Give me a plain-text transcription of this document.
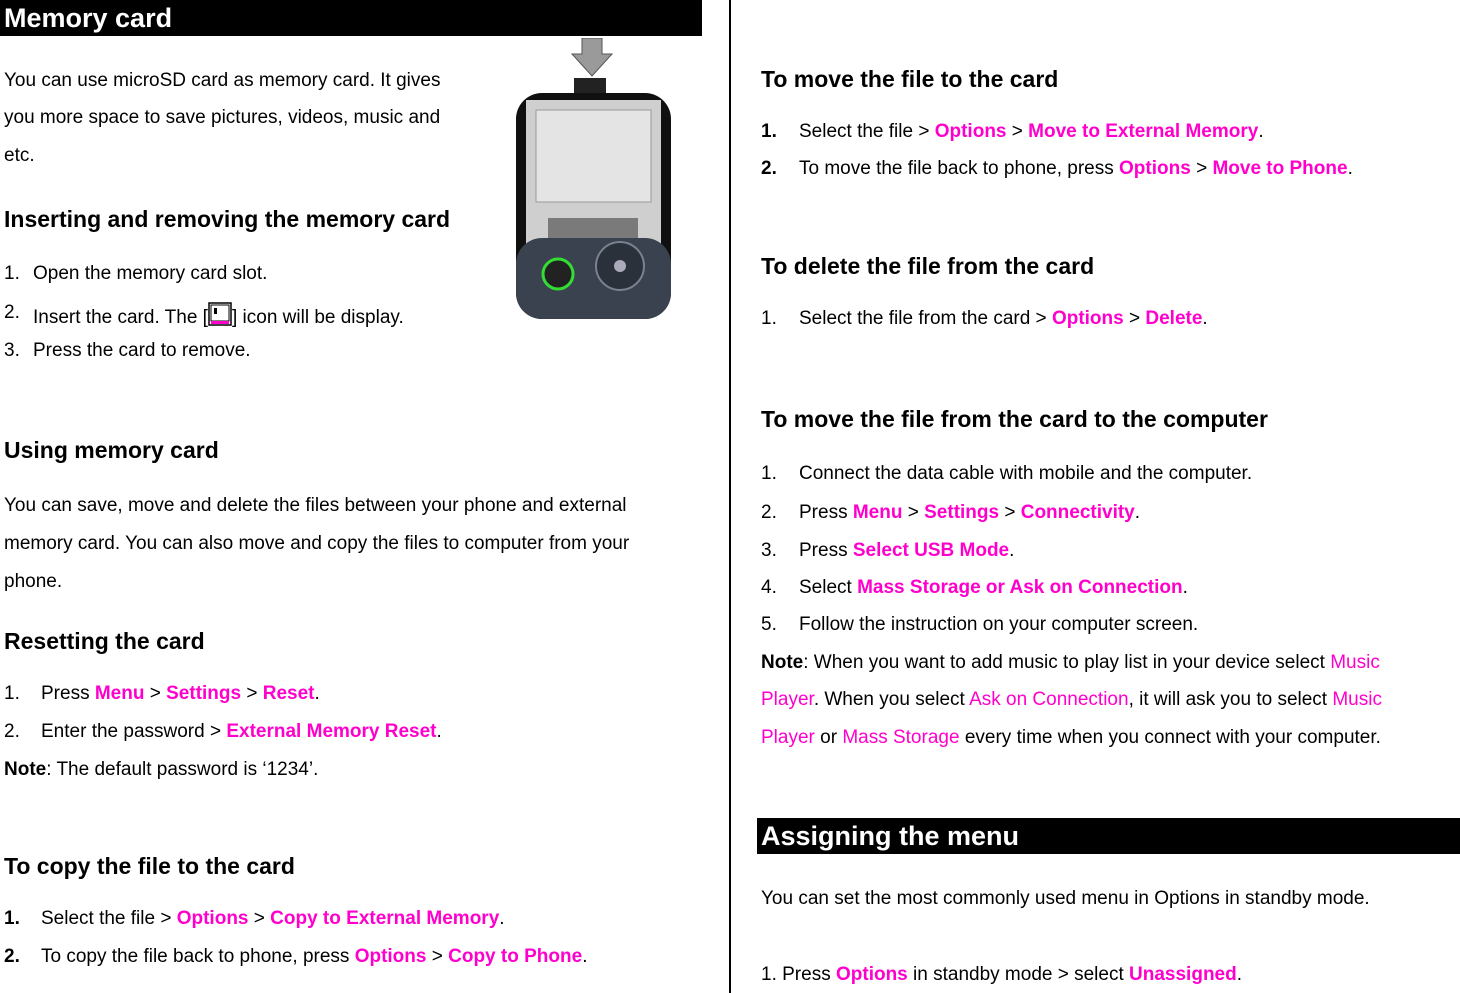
Memory card
You can use microSD card as memory card. It gives
you more space to save pictures, videos, music and
etc.
Inserting and removing the memory card
1. Open the memory card slot.
2. Insert the card. The [ ] icon will be display.
3. Press the card to remove.
Using memory card
You can save, move and delete the files between your phone and external
memory card. You can also move and copy the files to computer from your
phone.
Resetting the card
1. Press Menu > Settings > Reset.
2. Enter the password > External Memory Reset.
Note: The default password is ‘1234’.
To copy the file to the card
1. Select the file > Options > Copy to External Memory.
2. To copy the file back to phone, press Options > Copy to Phone.
To move the file to the card
1. Select the file > Options > Move to External Memory.
2. To move the file back to phone, press Options > Move to Phone.
To delete the file from the card
1. Select the file from the card > Options > Delete.
To move the file from the card to the computer
1. Connect the data cable with mobile and the computer.
2. Press Menu > Settings > Connectivity.
3. Press Select USB Mode.
4. Select Mass Storage or Ask on Connection.
5. Follow the instruction on your computer screen.
Note: When you want to add music to play list in your device select Music
Player. When you select Ask on Connection, it will ask you to select Music
Player or Mass Storage every time when you connect with your computer.
Assigning the menu
You can set the most commonly used menu in Options in standby mode.
1. Press Options in standby mode > select Unassigned.
